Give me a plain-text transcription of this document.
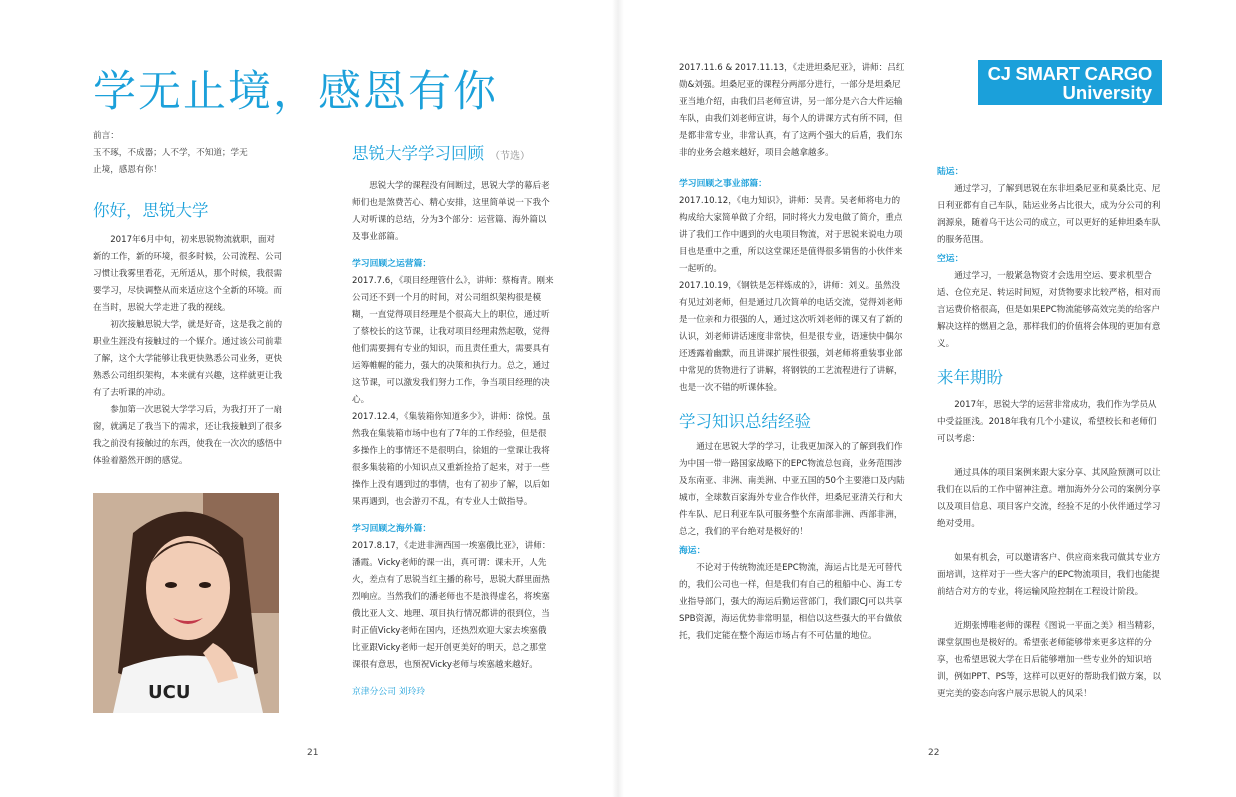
学无止境，感恩有你
前言：
玉不琢，不成器；人不学，不知道；学无
止境，感恩有你！
你好，思锐大学

2017年6月中旬，初来思锐物流就职，面对新的工作，新的环境，很多时候，公司流程、公司习惯让我雾里看花，无所适从，那个时候，我很需要学习，尽快调整从而来适应这个全新的环境。而在当时，思锐大学走进了我的视线。

初次接触思锐大学，就是好奇，这是我之前的职业生涯没有接触过的一个媒介。通过该公司前辈了解，这个大学能够让我更快熟悉公司业务，更快熟悉公司组织架构，本来就有兴趣，这样就更让我有了去听课的冲动。

参加第一次思锐大学学习后，为我打开了一扇窗，就满足了我当下的需求，还让我接触到了很多我之前没有接触过的东西，使我在一次次的感悟中体验着豁然开朗的感觉。

UCU
思锐大学学习回顾 （节选）

思锐大学的课程没有间断过，思锐大学的幕后老师们也是煞费苦心、精心安排，这里简单说一下我个人对听课的总结，分为3个部分：运营篇、海外篇以及事业部篇。

学习回顾之运营篇：

2017.7.6，《项目经理管什么》，讲师：蔡梅青。刚来公司还不到一个月的时间，对公司组织架构很是模糊，一直觉得项目经理是个很高大上的职位，通过听了蔡校长的这节课，让我对项目经理肃然起敬，觉得他们需要拥有专业的知识，而且责任重大，需要具有运筹帷幄的能力，强大的决策和执行力。总之，通过这节课，可以激发我们努力工作，争当项目经理的决心。

2017.12.4，《集装箱你知道多少》，讲师：徐悦。虽然我在集装箱市场中也有了7年的工作经验，但是很多操作上的事情还不是很明白，徐姐的一堂课让我将很多集装箱的小知识点又重新捡拾了起来，对于一些操作上没有遇到过的事情，也有了初步了解，以后如果再遇到，也会游刃不乱，有专业人士做指导。

学习回顾之海外篇：

2017.8.17，《走进非洲西国一埃塞俄比亚》，讲师：潘霞。Vicky老师的课一出，真可谓：课未开，人先火，差点有了思锐当红主播的称号，思锐大群里面热烈响应。当然我们的潘老师也不是浪得虚名，将埃塞俄比亚人文、地理、项目执行情况都讲的很到位，当时正值Vicky老师在国内，还热烈欢迎大家去埃塞俄比亚跟Vicky老师一起开创更美好的明天，总之那堂课很有意思，也预祝Vicky老师与埃塞越来越好。

京津分公司 刘玲玲
21
CJ SMART CARGO
University

2017.11.6 & 2017.11.13，《走进坦桑尼亚》，讲师：吕红勋&刘强。坦桑尼亚的课程分两部分进行，一部分是坦桑尼亚当地介绍，由我们吕老师宣讲，另一部分是六合大件运输车队，由我们刘老师宣讲，每个人的讲课方式有所不同，但是都非常专业，非常认真，有了这两个强大的后盾，我们东非的业务会越来越好，项目会越拿越多。

学习回顾之事业部篇：

2017.10.12，《电力知识》，讲师：吴青。吴老师将电力的构成给大家简单做了介绍，同时将火力发电做了简介，重点讲了我们工作中遇到的火电项目物流，对于思锐来说电力项目也是重中之重，所以这堂课还是值得很多销售的小伙伴来一起听的。

2017.10.19，《钢铁是怎样炼成的》，讲师：刘义。虽然没有见过刘老师，但是通过几次简单的电话交流，觉得刘老师是一位亲和力很强的人，通过这次听刘老师的课又有了新的认识，刘老师讲话速度非常快，但是很专业，语速快中偶尔还透露着幽默，而且讲课扩展性很强，刘老师将重装事业部中常见的货物进行了讲解，将钢铁的工艺流程进行了讲解，也是一次不错的听课体验。

学习知识总结经验

通过在思锐大学的学习，让我更加深入的了解到我们作为中国一带一路国家战略下的EPC物流总包商，业务范围涉及东南亚、非洲、南美洲、中亚五国的50个主要港口及内陆城市，全球数百家海外专业合作伙伴，坦桑尼亚清关行和大件车队、尼日利亚车队可服务整个东南部非洲、西部非洲，总之，我们的平台绝对是极好的！

海运：

不论对于传统物流还是EPC物流，海运占比是无可替代的，我们公司也一样，但是我们有自己的租船中心、海工专业指导部门，强大的海运后勤运营部门，我们跟CJ可以共享SPB资源，海运优势非常明显，相信以这些强大的平台做依托，我们定能在整个海运市场占有不可估量的地位。

陆运：

通过学习，了解到思锐在东非坦桑尼亚和莫桑比克、尼日利亚都有自己车队，陆运业务占比很大，成为分公司的利润源泉，随着乌干达公司的成立，可以更好的延伸坦桑车队的服务范围。

空运：

通过学习，一般紧急物资才会选用空运、要求机型合适、仓位充足、转运时间短，对货物要求比较严格，相对而言运费价格很高，但是如果EPC物流能够高效完美的给客户解决这样的燃眉之急，那样我们的价值将会体现的更加有意义。

来年期盼

2017年，思锐大学的运营非常成功，我们作为学员从中受益匪浅。2018年我有几个小建议，希望校长和老师们可以考虑：

通过具体的项目案例来跟大家分享、其风险预测可以让我们在以后的工作中留神注意。增加海外分公司的案例分享以及项目信息、项目客户交流，经验不足的小伙伴通过学习绝对受用。

如果有机会，可以邀请客户、供应商来我司做其专业方面培训，这样对于一些大客户的EPC物流项目，我们也能提前结合对方的专业，将运输风险控制在工程设计阶段。

近期张博唯老师的课程《图说一平面之美》相当精彩，课堂氛围也是极好的。希望张老师能够带来更多这样的分享，也希望思锐大学在日后能够增加一些专业外的知识培训，例如PPT、PS等，这样可以更好的帮助我们做方案，以更完美的姿态向客户展示思锐人的风采！

22
